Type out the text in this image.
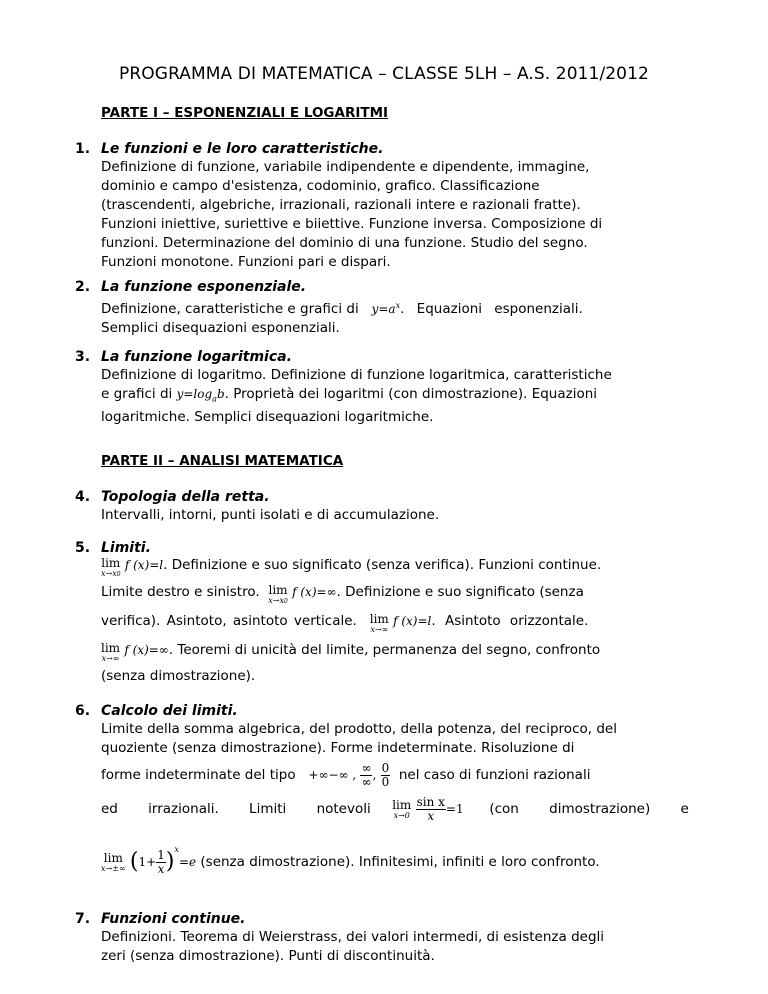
PROGRAMMA DI MATEMATICA – CLASSE 5LH – A.S. 2011/2012
PARTE I – ESPONENZIALI E LOGARITMI
1. Le funzioni e le loro caratteristiche.
Definizione di funzione, variabile indipendente e dipendente, immagine,
dominio e campo d'esistenza, codominio, grafico. Classificazione
(trascendenti, algebriche, irrazionali, razionali intere e razionali fratte).
Funzioni iniettive, suriettive e biiettive. Funzione inversa. Composizione di
funzioni. Determinazione del dominio di una funzione. Studio del segno.
Funzioni monotone. Funzioni pari e dispari.
2. La funzione esponenziale.
Definizione, caratteristiche e grafici di $y=a^x$. Equazioni esponenziali.
Semplici disequazioni esponenziali.
3. La funzione logaritmica.
Definizione di logaritmo. Definizione di funzione logaritmica, caratteristiche
e grafici di $y=\log_ab$. Proprietà dei logaritmi (con dimostrazione). Equazioni
logaritmiche. Semplici disequazioni logaritmiche.
PARTE II – ANALISI MATEMATICA
4. Topologia della retta.
Intervalli, intorni, punti isolati e di accumulazione.
5. Limiti.
lim
x→x0
f (x)=l. Definizione e suo significato (senza verifica). Funzioni continue.
Limite destro e sinistro. lim
x→x0
f (x)=∞. Definizione e suo significato (senza
verifica). Asintoto, asintoto verticale. lim
x→∞
f (x)=l. Asintoto orizzontale.
lim
x→∞
f (x)=∞. Teoremi di unicità del limite, permanenza del segno, confronto
(senza dimostrazione).
6. Calcolo dei limiti.
Limite della somma algebrica, del prodotto, della potenza, del reciproco, del
quoziente (senza dimostrazione). Forme indeterminate. Risoluzione di
forme indeterminate del tipo +∞−∞ , $\frac{\infty}{\infty}$ , $\frac{0}{0}$ nel caso di funzioni razionali
ed irrazionali. Limiti notevoli lim
x→0
$\frac{\text{sin x}}{x} =1$ (con dimostrazione) e
lim
x→±∞ $(1+ \frac{1}{x} )^x=e$ (senza dimostrazione). Infinitesimi, infiniti e loro confronto.
7. Funzioni continue.
Definizioni. Teorema di Weierstrass, dei valori intermedi, di esistenza degli
zeri (senza dimostrazione). Punti di discontinuità.
